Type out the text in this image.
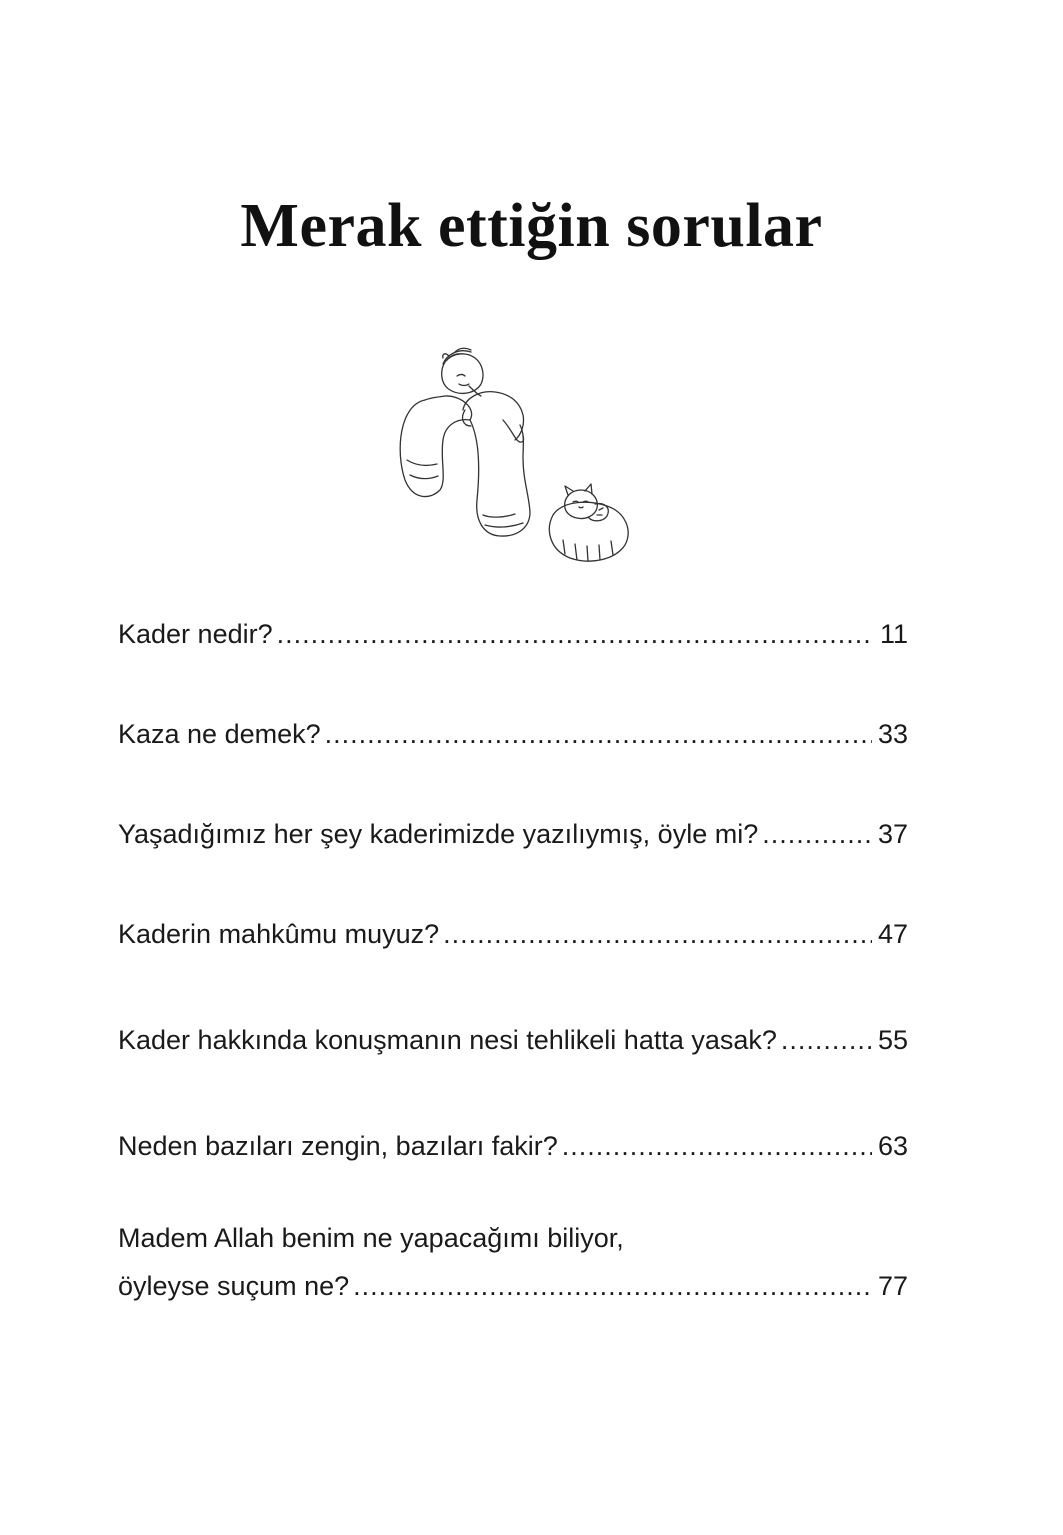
Merak ettiğin sorular
Kader nedir? .....	11
Kaza ne demek? .....	33
Yaşadığımız her şey kaderimizde yazılıymış, öyle mi? .....	37
Kaderin mahkûmu muyuz? .....	47
Kader hakkında konuşmanın nesi tehlikeli hatta yasak? .....	55
Neden bazıları zengin, bazıları fakir? .....	63
Madem Allah benim ne yapacağımı biliyor,
öyleyse suçum ne? .....	77
